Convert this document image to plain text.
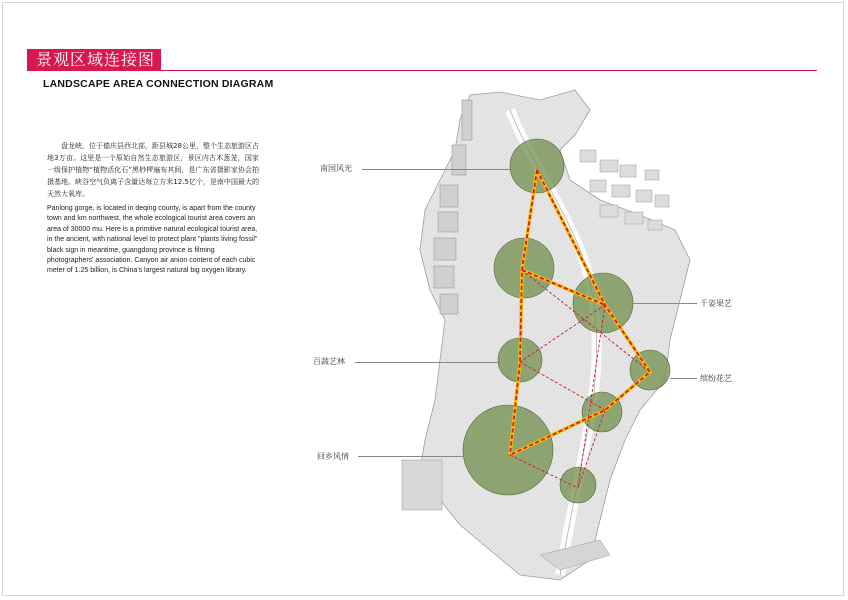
景观区域连接图
LANDSCAPE AREA CONNECTION DIAGRAM
盘龙峡，位于德庆县西北部，距县城28公里，整个生态旅游区占地3万亩。这里是一个原始自然生态旅游区，景区内古木葱茏，国家一级保护植物“植物活化石”黑桫椤遍布其间，是广东省摄影家协会拍摄基地。峡谷空气负离子含量达每立方米12.5亿个，是南中国最大的天然大氧库。
Panlong gorge, is located in deqing county, is apart from the county town and km northwest, the whole ecological tourist area covers an area of 30000 mu. Here is a primitive natural ecological tourist area, in the ancient, with national level to protect plant "plants living fossil" black sign in meantime, guangdong province is filming photographers' association. Canyon air anion content of each cubic meter of 1.25 billion, is China's largest natural big oxygen library.
南国风光
百蔬艺林
回乡风情
千姿果艺
缤纷花艺
